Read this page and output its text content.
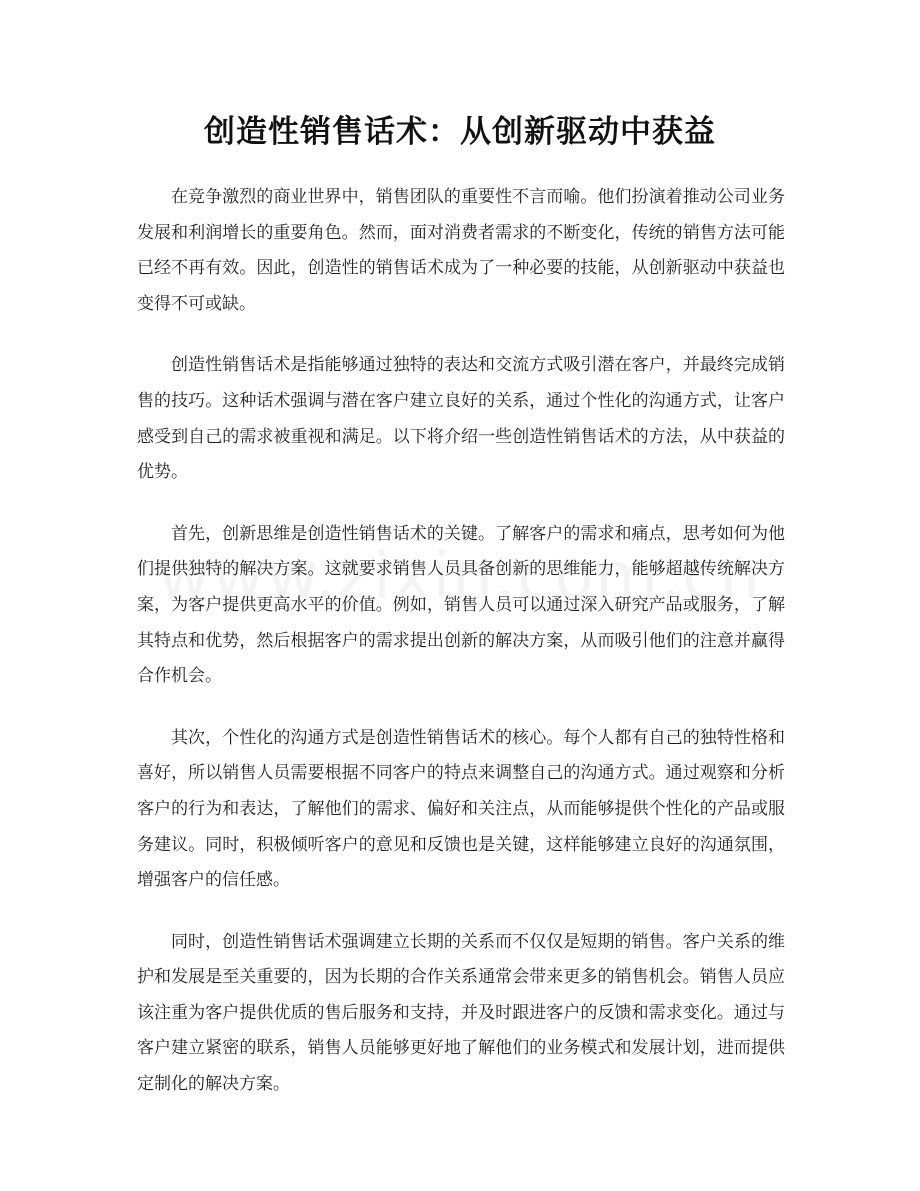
创造性销售话术：从创新驱动中获益

在竞争激烈的商业世界中，销售团队的重要性不言而喻。他们扮演着推动公司业务发展和利润增长的重要角色。然而，面对消费者需求的不断变化，传统的销售方法可能已经不再有效。因此，创造性的销售话术成为了一种必要的技能，从创新驱动中获益也变得不可或缺。

创造性销售话术是指能够通过独特的表达和交流方式吸引潜在客户，并最终完成销售的技巧。这种话术强调与潜在客户建立良好的关系，通过个性化的沟通方式，让客户感受到自己的需求被重视和满足。以下将介绍一些创造性销售话术的方法，从中获益的优势。

首先，创新思维是创造性销售话术的关键。了解客户的需求和痛点，思考如何为他们提供独特的解决方案。这就要求销售人员具备创新的思维能力，能够超越传统解决方案，为客户提供更高水平的价值。例如，销售人员可以通过深入研究产品或服务，了解其特点和优势，然后根据客户的需求提出创新的解决方案，从而吸引他们的注意并赢得合作机会。

其次，个性化的沟通方式是创造性销售话术的核心。每个人都有自己的独特性格和喜好，所以销售人员需要根据不同客户的特点来调整自己的沟通方式。通过观察和分析客户的行为和表达，了解他们的需求、偏好和关注点，从而能够提供个性化的产品或服务建议。同时，积极倾听客户的意见和反馈也是关键，这样能够建立良好的沟通氛围，增强客户的信任感。

同时，创造性销售话术强调建立长期的关系而不仅仅是短期的销售。客户关系的维护和发展是至关重要的，因为长期的合作关系通常会带来更多的销售机会。销售人员应该注重为客户提供优质的售后服务和支持，并及时跟进客户的反馈和需求变化。通过与客户建立紧密的联系，销售人员能够更好地了解他们的业务模式和发展计划，进而提供定制化的解决方案。
